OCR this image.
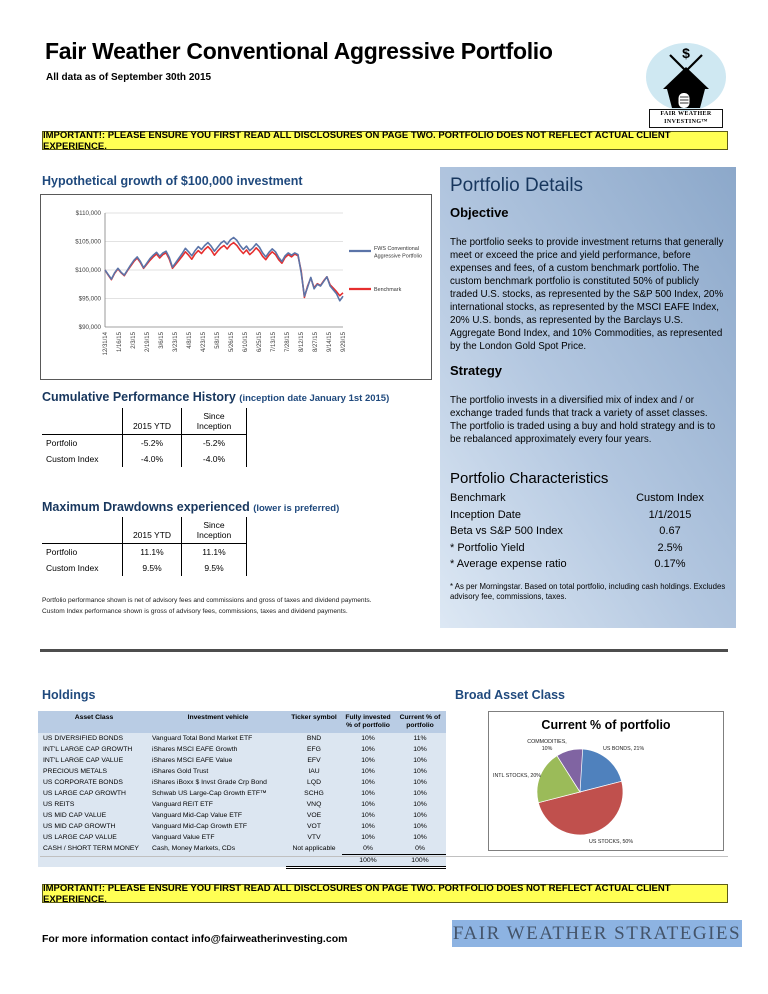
Fair Weather Conventional Aggressive Portfolio
All data as of September 30th 2015
$
FAIR WEATHER
INVESTING™
IMPORTANT!: PLEASE ENSURE YOU FIRST READ ALL DISCLOSURES ON PAGE TWO. PORTFOLIO DOES NOT REFLECT ACTUAL CLIENT EXPERIENCE.
Hypothetical growth of $100,000 investment
$110,000
$105,000
$100,000
$95,000
$90,000
12/31/14 1/16/15 2/3/15 2/19/15 3/6/15 3/23/15 4/8/15 4/23/15 5/8/15 5/26/15 6/10/15 6/25/15 7/13/15 7/28/15 8/12/15 8/27/15 9/14/15 9/29/15
FWS Conventional
Aggressive Portfolio
Benchmark
Cumulative Performance History (inception date January 1st 2015)
	2015 YTD	Since Inception
Portfolio	-5.2%	-5.2%
Custom Index	-4.0%	-4.0%
Maximum Drawdowns experienced (lower is preferred)
	2015 YTD	Since Inception
Portfolio	11.1%	11.1%
Custom Index	9.5%	9.5%
Portfolio performance shown is net of advisory fees and commissions and gross of taxes and dividend payments.
Custom Index performance shown is gross of advisory fees, commissions, taxes and dividend payments.
Portfolio Details
Objective

The portfolio seeks to provide investment returns that generally meet or exceed the price and yield performance, before expenses and fees, of a custom benchmark portfolio. The custom benchmark portfolio is constituted 50% of publicly traded U.S. stocks, as represented by the S&P 500 Index, 20% international stocks, as represented by the MSCI EAFE Index, 20% U.S. bonds, as represented by the Barclays U.S. Aggregate Bond Index, and 10% Commodities, as represented by the London Gold Spot Price.

Strategy

The portfolio invests in a diversified mix of index and / or exchange traded funds that track a variety of asset classes. The portfolio is traded using a buy and hold strategy and is to be rebalanced approximately every four years.

Portfolio Characteristics
Benchmark	Custom Index
Inception Date	1/1/2015
Beta vs S&P 500 Index	0.67
* Portfolio Yield	2.5%
* Average expense ratio	0.17%
* As per Morningstar. Based on total portfolio, including cash holdings. Excludes advisory fee, commissions, taxes.
Holdings
Asset Class	Investment vehicle	Ticker symbol	Fully invested % of portfolio	Current % of portfolio
US DIVERSIFIED BONDS	Vanguard Total Bond Market ETF	BND	10%	11%
INT'L LARGE CAP GROWTH	iShares MSCI EAFE Growth	EFG	10%	10%
INT'L LARGE CAP VALUE	iShares MSCI EAFE Value	EFV	10%	10%
PRECIOUS METALS	iShares Gold Trust	IAU	10%	10%
US CORPORATE BONDS	iShares iBoxx $ Invst Grade Crp Bond	LQD	10%	10%
US LARGE CAP GROWTH	Schwab US Large-Cap Growth ETF™	SCHG	10%	10%
US REITS	Vanguard REIT ETF	VNQ	10%	10%
US MID CAP VALUE	Vanguard Mid-Cap Value ETF	VOE	10%	10%
US MID CAP GROWTH	Vanguard Mid-Cap Growth ETF	VOT	10%	10%
US LARGE CAP VALUE	Vanguard Value ETF	VTV	10%	10%
CASH / SHORT TERM MONEY	Cash, Money Markets, CDs	Not applicable	0%	0%
			100%	100%
Broad Asset Class
Current % of portfolio
COMMODITIES,
10%	US BONDS, 21%
INTL STOCKS, 20%
US STOCKS, 50%
IMPORTANT!: PLEASE ENSURE YOU FIRST READ ALL DISCLOSURES ON PAGE TWO. PORTFOLIO DOES NOT REFLECT ACTUAL CLIENT EXPERIENCE.
For more information contact info@fairweatherinvesting.com	FAIR WEATHER STRATEGIES
